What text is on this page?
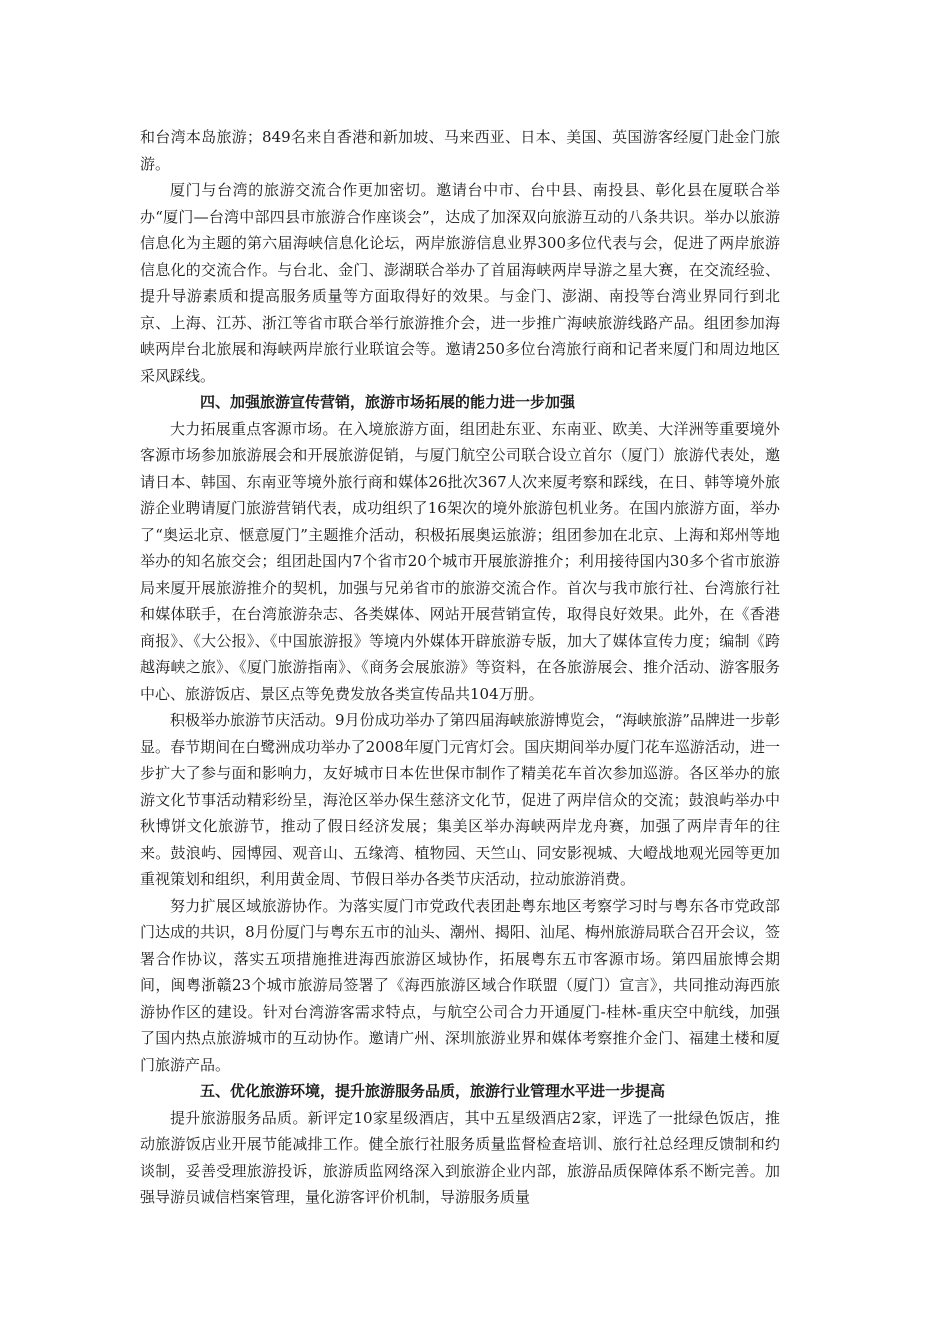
和台湾本岛旅游；849名来自香港和新加坡、马来西亚、日本、美国、英国游客经厦门赴金门旅游。

厦门与台湾的旅游交流合作更加密切。邀请台中市、台中县、南投县、彰化县在厦联合举办“厦门—台湾中部四县市旅游合作座谈会”，达成了加深双向旅游互动的八条共识。举办以旅游信息化为主题的第六届海峡信息化论坛，两岸旅游信息业界300多位代表与会，促进了两岸旅游信息化的交流合作。与台北、金门、澎湖联合举办了首届海峡两岸导游之星大赛，在交流经验、提升导游素质和提高服务质量等方面取得好的效果。与金门、澎湖、南投等台湾业界同行到北京、上海、江苏、浙江等省市联合举行旅游推介会，进一步推广海峡旅游线路产品。组团参加海峡两岸台北旅展和海峡两岸旅行业联谊会等。邀请250多位台湾旅行商和记者来厦门和周边地区采风踩线。

四、加强旅游宣传营销，旅游市场拓展的能力进一步加强

大力拓展重点客源市场。在入境旅游方面，组团赴东亚、东南亚、欧美、大洋洲等重要境外客源市场参加旅游展会和开展旅游促销，与厦门航空公司联合设立首尔（厦门）旅游代表处，邀请日本、韩国、东南亚等境外旅行商和媒体26批次367人次来厦考察和踩线，在日、韩等境外旅游企业聘请厦门旅游营销代表，成功组织了16架次的境外旅游包机业务。在国内旅游方面，举办了“奥运北京、惬意厦门”主题推介活动，积极拓展奥运旅游；组团参加在北京、上海和郑州等地举办的知名旅交会；组团赴国内7个省市20个城市开展旅游推介；利用接待国内30多个省市旅游局来厦开展旅游推介的契机，加强与兄弟省市的旅游交流合作。首次与我市旅行社、台湾旅行社和媒体联手，在台湾旅游杂志、各类媒体、网站开展营销宣传，取得良好效果。此外，在《香港商报》、《大公报》、《中国旅游报》等境内外媒体开辟旅游专版，加大了媒体宣传力度；编制《跨越海峡之旅》、《厦门旅游指南》、《商务会展旅游》等资料，在各旅游展会、推介活动、游客服务中心、旅游饭店、景区点等免费发放各类宣传品共104万册。

积极举办旅游节庆活动。9月份成功举办了第四届海峡旅游博览会，“海峡旅游”品牌进一步彰显。春节期间在白鹭洲成功举办了2008年厦门元宵灯会。国庆期间举办厦门花车巡游活动，进一步扩大了参与面和影响力，友好城市日本佐世保市制作了精美花车首次参加巡游。各区举办的旅游文化节事活动精彩纷呈，海沧区举办保生慈济文化节，促进了两岸信众的交流；鼓浪屿举办中秋博饼文化旅游节，推动了假日经济发展；集美区举办海峡两岸龙舟赛，加强了两岸青年的往来。鼓浪屿、园博园、观音山、五缘湾、植物园、天竺山、同安影视城、大嶝战地观光园等更加重视策划和组织，利用黄金周、节假日举办各类节庆活动，拉动旅游消费。

努力扩展区域旅游协作。为落实厦门市党政代表团赴粤东地区考察学习时与粤东各市党政部门达成的共识，8月份厦门与粤东五市的汕头、潮州、揭阳、汕尾、梅州旅游局联合召开会议，签署合作协议，落实五项措施推进海西旅游区域协作，拓展粤东五市客源市场。第四届旅博会期间，闽粤浙赣23个城市旅游局签署了《海西旅游区域合作联盟（厦门）宣言》，共同推动海西旅游协作区的建设。针对台湾游客需求特点，与航空公司合力开通厦门-桂林-重庆空中航线，加强了国内热点旅游城市的互动协作。邀请广州、深圳旅游业界和媒体考察推介金门、福建土楼和厦门旅游产品。

五、优化旅游环境，提升旅游服务品质，旅游行业管理水平进一步提高

提升旅游服务品质。新评定10家星级酒店，其中五星级酒店2家，评选了一批绿色饭店，推动旅游饭店业开展节能减排工作。健全旅行社服务质量监督检查培训、旅行社总经理反馈制和约谈制，妥善受理旅游投诉，旅游质监网络深入到旅游企业内部，旅游品质保障体系不断完善。加强导游员诚信档案管理，量化游客评价机制，导游服务质量
